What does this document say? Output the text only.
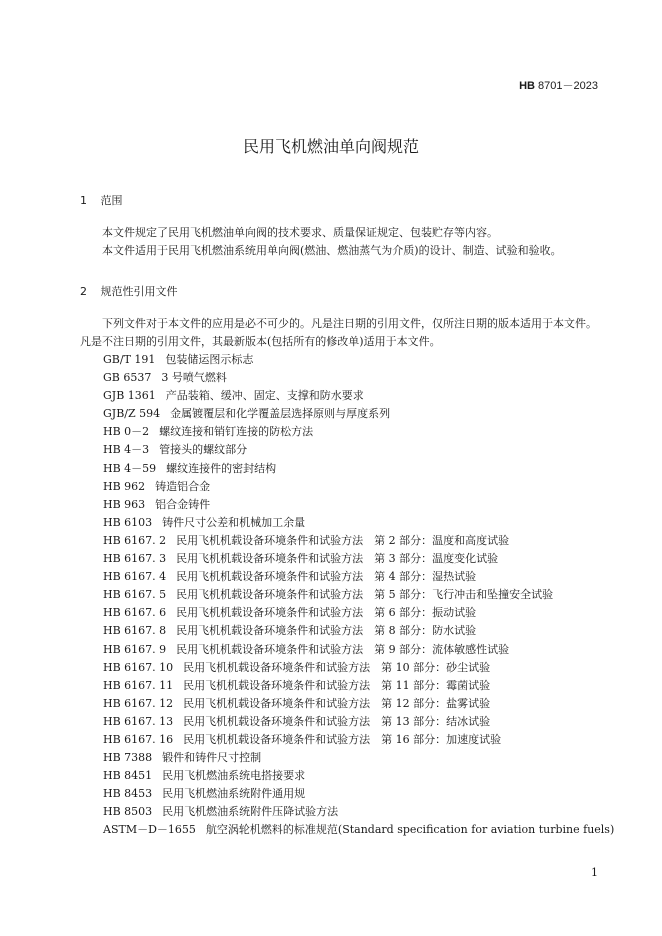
HB 8701－2023
民用飞机燃油单向阀规范
1 范围
本文件规定了民用飞机燃油单向阀的技术要求、质量保证规定、包装贮存等内容。
本文件适用于民用飞机燃油系统用单向阀(燃油、燃油蒸气为介质)的设计、制造、试验和验收。
2 规范性引用文件
下列文件对于本文件的应用是必不可少的。凡是注日期的引用文件，仅所注日期的版本适用于本文件。凡是不注日期的引用文件，其最新版本(包括所有的修改单)适用于本文件。
GB/T 191 包装储运图示标志
GB 6537 3 号喷气燃料
GJB 1361 产品装箱、缓冲、固定、支撑和防水要求
GJB/Z 594 金属镀覆层和化学覆盖层选择原则与厚度系列
HB 0－2 螺纹连接和销钉连接的防松方法
HB 4－3 管接头的螺纹部分
HB 4－59 螺纹连接件的密封结构
HB 962 铸造铝合金
HB 963 铝合金铸件
HB 6103 铸件尺寸公差和机械加工余量
HB 6167. 2 民用飞机机载设备环境条件和试验方法　第 2 部分：温度和高度试验
HB 6167. 3 民用飞机机载设备环境条件和试验方法　第 3 部分：温度变化试验
HB 6167. 4 民用飞机机载设备环境条件和试验方法　第 4 部分：湿热试验
HB 6167. 5 民用飞机机载设备环境条件和试验方法　第 5 部分：飞行冲击和坠撞安全试验
HB 6167. 6 民用飞机机载设备环境条件和试验方法　第 6 部分：振动试验
HB 6167. 8 民用飞机机载设备环境条件和试验方法　第 8 部分：防水试验
HB 6167. 9 民用飞机机载设备环境条件和试验方法　第 9 部分：流体敏感性试验
HB 6167. 10 民用飞机机载设备环境条件和试验方法　第 10 部分：砂尘试验
HB 6167. 11 民用飞机机载设备环境条件和试验方法　第 11 部分：霉菌试验
HB 6167. 12 民用飞机机载设备环境条件和试验方法　第 12 部分：盐雾试验
HB 6167. 13 民用飞机机载设备环境条件和试验方法　第 13 部分：结冰试验
HB 6167. 16 民用飞机机载设备环境条件和试验方法　第 16 部分：加速度试验
HB 7388 锻件和铸件尺寸控制
HB 8451 民用飞机燃油系统电搭接要求
HB 8453 民用飞机燃油系统附件通用规
HB 8503 民用飞机燃油系统附件压降试验方法
ASTM－D－1655 航空涡轮机燃料的标准规范(Standard specification for aviation turbine fuels)
1
